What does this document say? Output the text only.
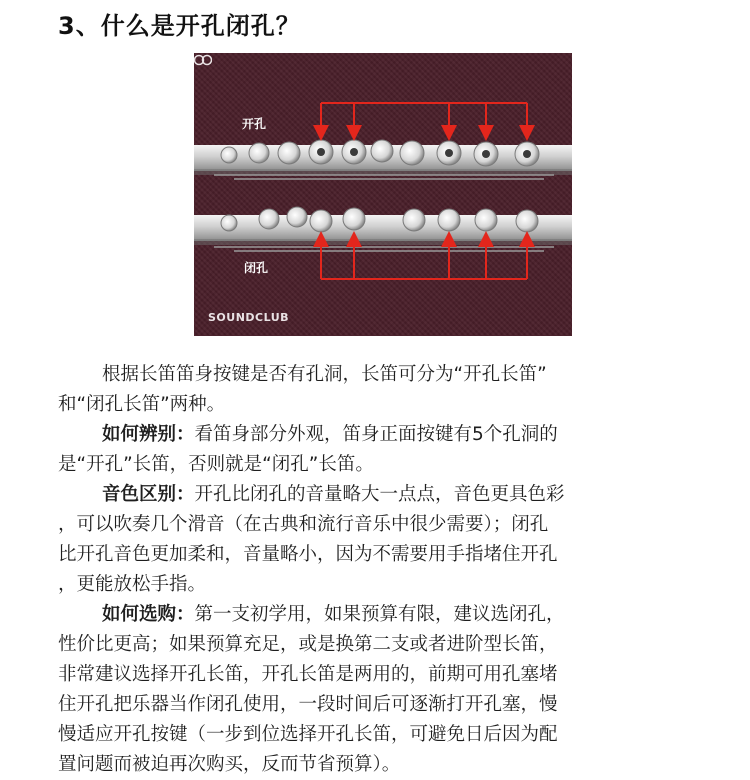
3、什么是开孔闭孔？
开孔
闭孔
SOUNDCLUB

根据长笛笛身按键是否有孔洞，长笛可分为“开孔长笛”
和“闭孔长笛”两种。

如何辨别：看笛身部分外观，笛身正面按键有5个孔洞的
是“开孔”长笛，否则就是“闭孔”长笛。

音色区别：开孔比闭孔的音量略大一点点，音色更具色彩
，可以吹奏几个滑音（在古典和流行音乐中很少需要）；闭孔
比开孔音色更加柔和，音量略小，因为不需要用手指堵住开孔
，更能放松手指。

如何选购：第一支初学用，如果预算有限，建议选闭孔，
性价比更高；如果预算充足，或是换第二支或者进阶型长笛，
非常建议选择开孔长笛，开孔长笛是两用的，前期可用孔塞堵
住开孔把乐器当作闭孔使用，一段时间后可逐渐打开孔塞，慢
慢适应开孔按键（一步到位选择开孔长笛，可避免日后因为配
置问题而被迫再次购买，反而节省预算）。
